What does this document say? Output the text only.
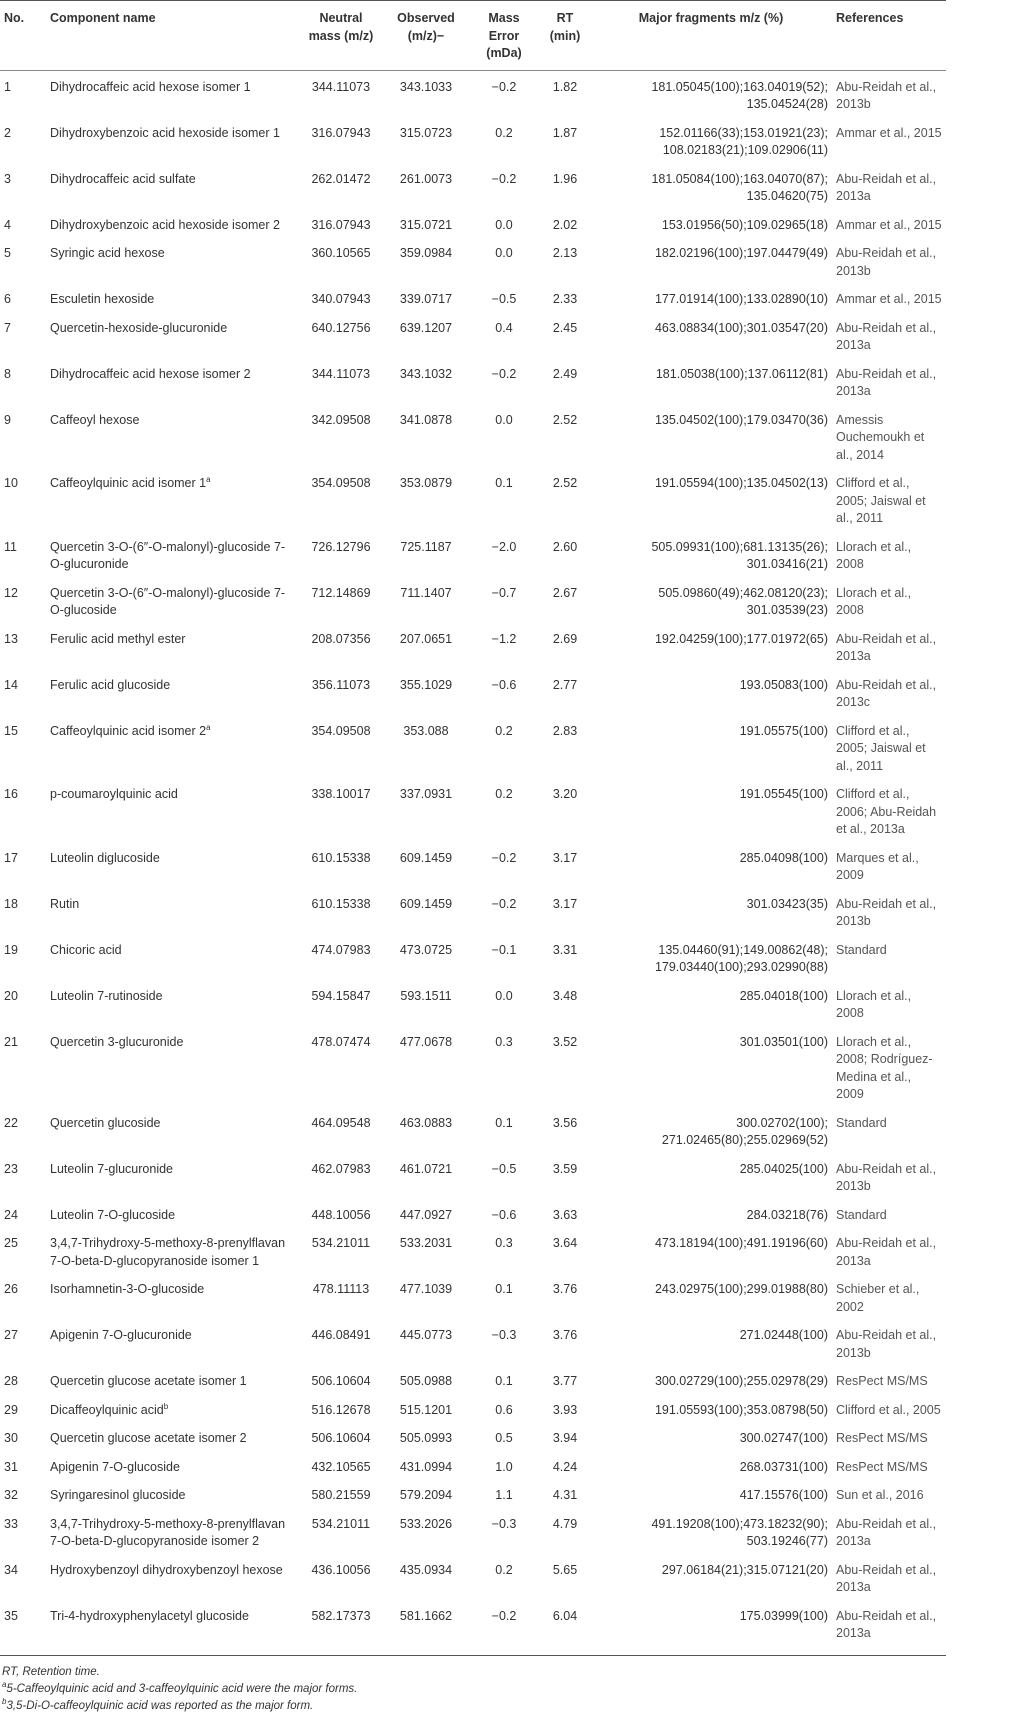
No.	Component name	Neutral mass (m/z)	Observed (m/z)−	Mass Error (mDa)	RT (min)	Major fragments m/z (%)	References
1	Dihydrocaffeic acid hexose isomer 1	344.11073	343.1033	−0.2	1.82	181.05045(100);163.04019(52); 135.04524(28)	Abu-Reidah et al., 2013b
2	Dihydroxybenzoic acid hexoside isomer 1	316.07943	315.0723	0.2	1.87	152.01166(33);153.01921(23); 108.02183(21);109.02906(11)	Ammar et al., 2015
3	Dihydrocaffeic acid sulfate	262.01472	261.0073	−0.2	1.96	181.05084(100);163.04070(87); 135.04620(75)	Abu-Reidah et al., 2013a
4	Dihydroxybenzoic acid hexoside isomer 2	316.07943	315.0721	0.0	2.02	153.01956(50);109.02965(18)	Ammar et al., 2015
5	Syringic acid hexose	360.10565	359.0984	0.0	2.13	182.02196(100);197.04479(49)	Abu-Reidah et al., 2013b
6	Esculetin hexoside	340.07943	339.0717	−0.5	2.33	177.01914(100);133.02890(10)	Ammar et al., 2015
7	Quercetin-hexoside-glucuronide	640.12756	639.1207	0.4	2.45	463.08834(100);301.03547(20)	Abu-Reidah et al., 2013a
8	Dihydrocaffeic acid hexose isomer 2	344.11073	343.1032	−0.2	2.49	181.05038(100);137.06112(81)	Abu-Reidah et al., 2013a
9	Caffeoyl hexose	342.09508	341.0878	0.0	2.52	135.04502(100);179.03470(36)	Amessis Ouchemoukh et al., 2014
10	Caffeoylquinic acid isomer 1$^a$	354.09508	353.0879	0.1	2.52	191.05594(100);135.04502(13)	Clifford et al., 2005; Jaiswal et al., 2011
11	Quercetin 3-O-(6″-O-malonyl)-glucoside 7-O-glucuronide	726.12796	725.1187	−2.0	2.60	505.09931(100);681.13135(26); 301.03416(21)	Llorach et al., 2008
12	Quercetin 3-O-(6″-O-malonyl)-glucoside 7-O-glucoside	712.14869	711.1407	−0.7	2.67	505.09860(49);462.08120(23); 301.03539(23)	Llorach et al., 2008
13	Ferulic acid methyl ester	208.07356	207.0651	−1.2	2.69	192.04259(100);177.01972(65)	Abu-Reidah et al., 2013a
14	Ferulic acid glucoside	356.11073	355.1029	−0.6	2.77	193.05083(100)	Abu-Reidah et al., 2013c
15	Caffeoylquinic acid isomer 2$^a$	354.09508	353.088	0.2	2.83	191.05575(100)	Clifford et al., 2005; Jaiswal et al., 2011
16	p-coumaroylquinic acid	338.10017	337.0931	0.2	3.20	191.05545(100)	Clifford et al., 2006; Abu-Reidah et al., 2013a
17	Luteolin diglucoside	610.15338	609.1459	−0.2	3.17	285.04098(100)	Marques et al., 2009
18	Rutin	610.15338	609.1459	−0.2	3.17	301.03423(35)	Abu-Reidah et al., 2013b
19	Chicoric acid	474.07983	473.0725	−0.1	3.31	135.04460(91);149.00862(48); 179.03440(100);293.02990(88)	Standard
20	Luteolin 7-rutinoside	594.15847	593.1511	0.0	3.48	285.04018(100)	Llorach et al., 2008
21	Quercetin 3-glucuronide	478.07474	477.0678	0.3	3.52	301.03501(100)	Llorach et al., 2008; Rodríguez-Medina et al., 2009
22	Quercetin glucoside	464.09548	463.0883	0.1	3.56	300.02702(100); 271.02465(80);255.02969(52)	Standard
23	Luteolin 7-glucuronide	462.07983	461.0721	−0.5	3.59	285.04025(100)	Abu-Reidah et al., 2013b
24	Luteolin 7-O-glucoside	448.10056	447.0927	−0.6	3.63	284.03218(76)	Standard
25	3,4,7-Trihydroxy-5-methoxy-8-prenylflavan 7-O-beta-D-glucopyranoside isomer 1	534.21011	533.2031	0.3	3.64	473.18194(100);491.19196(60)	Abu-Reidah et al., 2013a
26	Isorhamnetin-3-O-glucoside	478.11113	477.1039	0.1	3.76	243.02975(100);299.01988(80)	Schieber et al., 2002
27	Apigenin 7-O-glucuronide	446.08491	445.0773	−0.3	3.76	271.02448(100)	Abu-Reidah et al., 2013b
28	Quercetin glucose acetate isomer 1	506.10604	505.0988	0.1	3.77	300.02729(100);255.02978(29)	ResPect MS/MS
29	Dicaffeoylquinic acid$^b$	516.12678	515.1201	0.6	3.93	191.05593(100);353.08798(50)	Clifford et al., 2005
30	Quercetin glucose acetate isomer 2	506.10604	505.0993	0.5	3.94	300.02747(100)	ResPect MS/MS
31	Apigenin 7-O-glucoside	432.10565	431.0994	1.0	4.24	268.03731(100)	ResPect MS/MS
32	Syringaresinol glucoside	580.21559	579.2094	1.1	4.31	417.15576(100)	Sun et al., 2016
33	3,4,7-Trihydroxy-5-methoxy-8-prenylflavan 7-O-beta-D-glucopyranoside isomer 2	534.21011	533.2026	−0.3	4.79	491.19208(100);473.18232(90); 503.19246(77)	Abu-Reidah et al., 2013a
34	Hydroxybenzoyl dihydroxybenzoyl hexose	436.10056	435.0934	0.2	5.65	297.06184(21);315.07121(20)	Abu-Reidah et al., 2013a
35	Tri-4-hydroxyphenylacetyl glucoside	582.17373	581.1662	−0.2	6.04	175.03999(100)	Abu-Reidah et al., 2013a
RT, Retention time.
$^a$5-Caffeoylquinic acid and 3-caffeoylquinic acid were the major forms.
$^b$3,5-Di-O-caffeoylquinic acid was reported as the major form.
